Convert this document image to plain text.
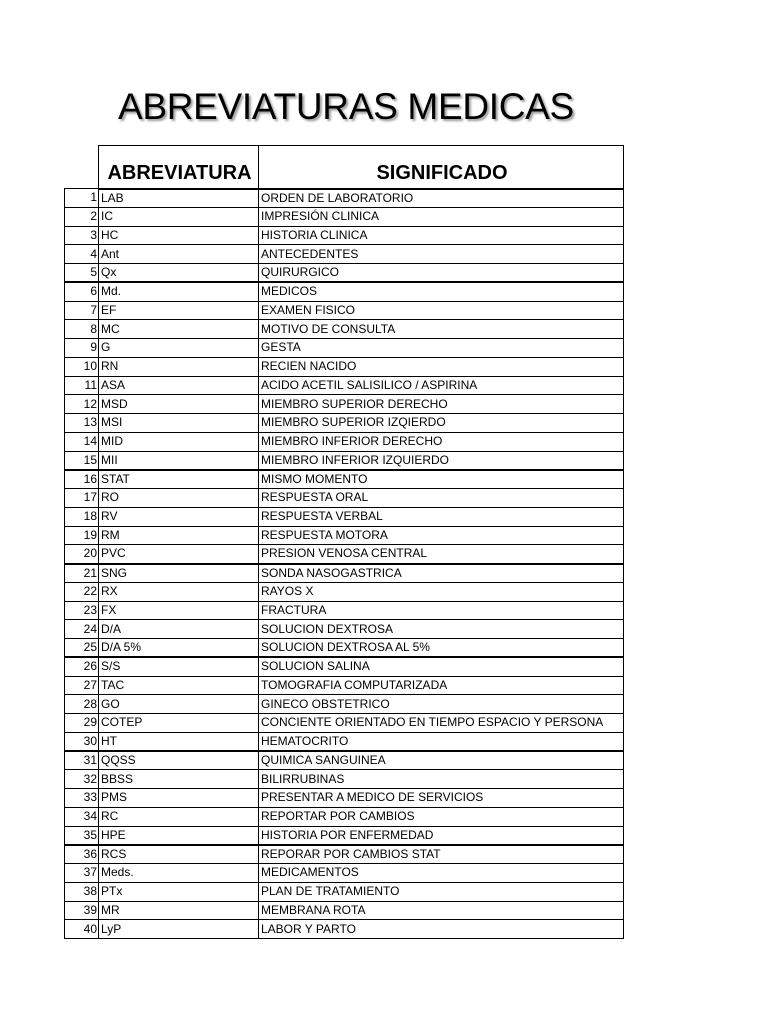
ABREVIATURAS MEDICAS
	ABREVIATURA	SIGNIFICADO
1	LAB	ORDEN DE LABORATORIO
2	IC	IMPRESIÓN CLINICA
3	HC	HISTORIA CLINICA
4	Ant	ANTECEDENTES
5	Qx	QUIRURGICO
6	Md.	MEDICOS
7	EF	EXAMEN FISICO
8	MC	MOTIVO DE CONSULTA
9	G	GESTA
10	RN	RECIEN NACIDO
11	ASA	ACIDO ACETIL SALISILICO / ASPIRINA
12	MSD	MIEMBRO SUPERIOR DERECHO
13	MSI	MIEMBRO SUPERIOR IZQIERDO
14	MID	MIEMBRO INFERIOR DERECHO
15	MII	MIEMBRO INFERIOR IZQUIERDO
16	STAT	MISMO MOMENTO
17	RO	RESPUESTA ORAL
18	RV	RESPUESTA VERBAL
19	RM	RESPUESTA MOTORA
20	PVC	PRESION VENOSA CENTRAL
21	SNG	SONDA NASOGASTRICA
22	RX	RAYOS X
23	FX	FRACTURA
24	D/A	SOLUCION DEXTROSA
25	D/A 5%	SOLUCION DEXTROSA AL 5%
26	S/S	SOLUCION SALINA
27	TAC	TOMOGRAFIA COMPUTARIZADA
28	GO	GINECO OBSTETRICO
29	COTEP	CONCIENTE ORIENTADO EN TIEMPO ESPACIO Y PERSONA
30	HT	HEMATOCRITO
31	QQSS	QUIMICA SANGUINEA
32	BBSS	BILIRRUBINAS
33	PMS	PRESENTAR A MEDICO DE SERVICIOS
34	RC	REPORTAR POR CAMBIOS
35	HPE	HISTORIA POR ENFERMEDAD
36	RCS	REPORAR POR CAMBIOS STAT
37	Meds.	MEDICAMENTOS
38	PTx	PLAN DE TRATAMIENTO
39	MR	MEMBRANA ROTA
40	LyP	LABOR Y PARTO
